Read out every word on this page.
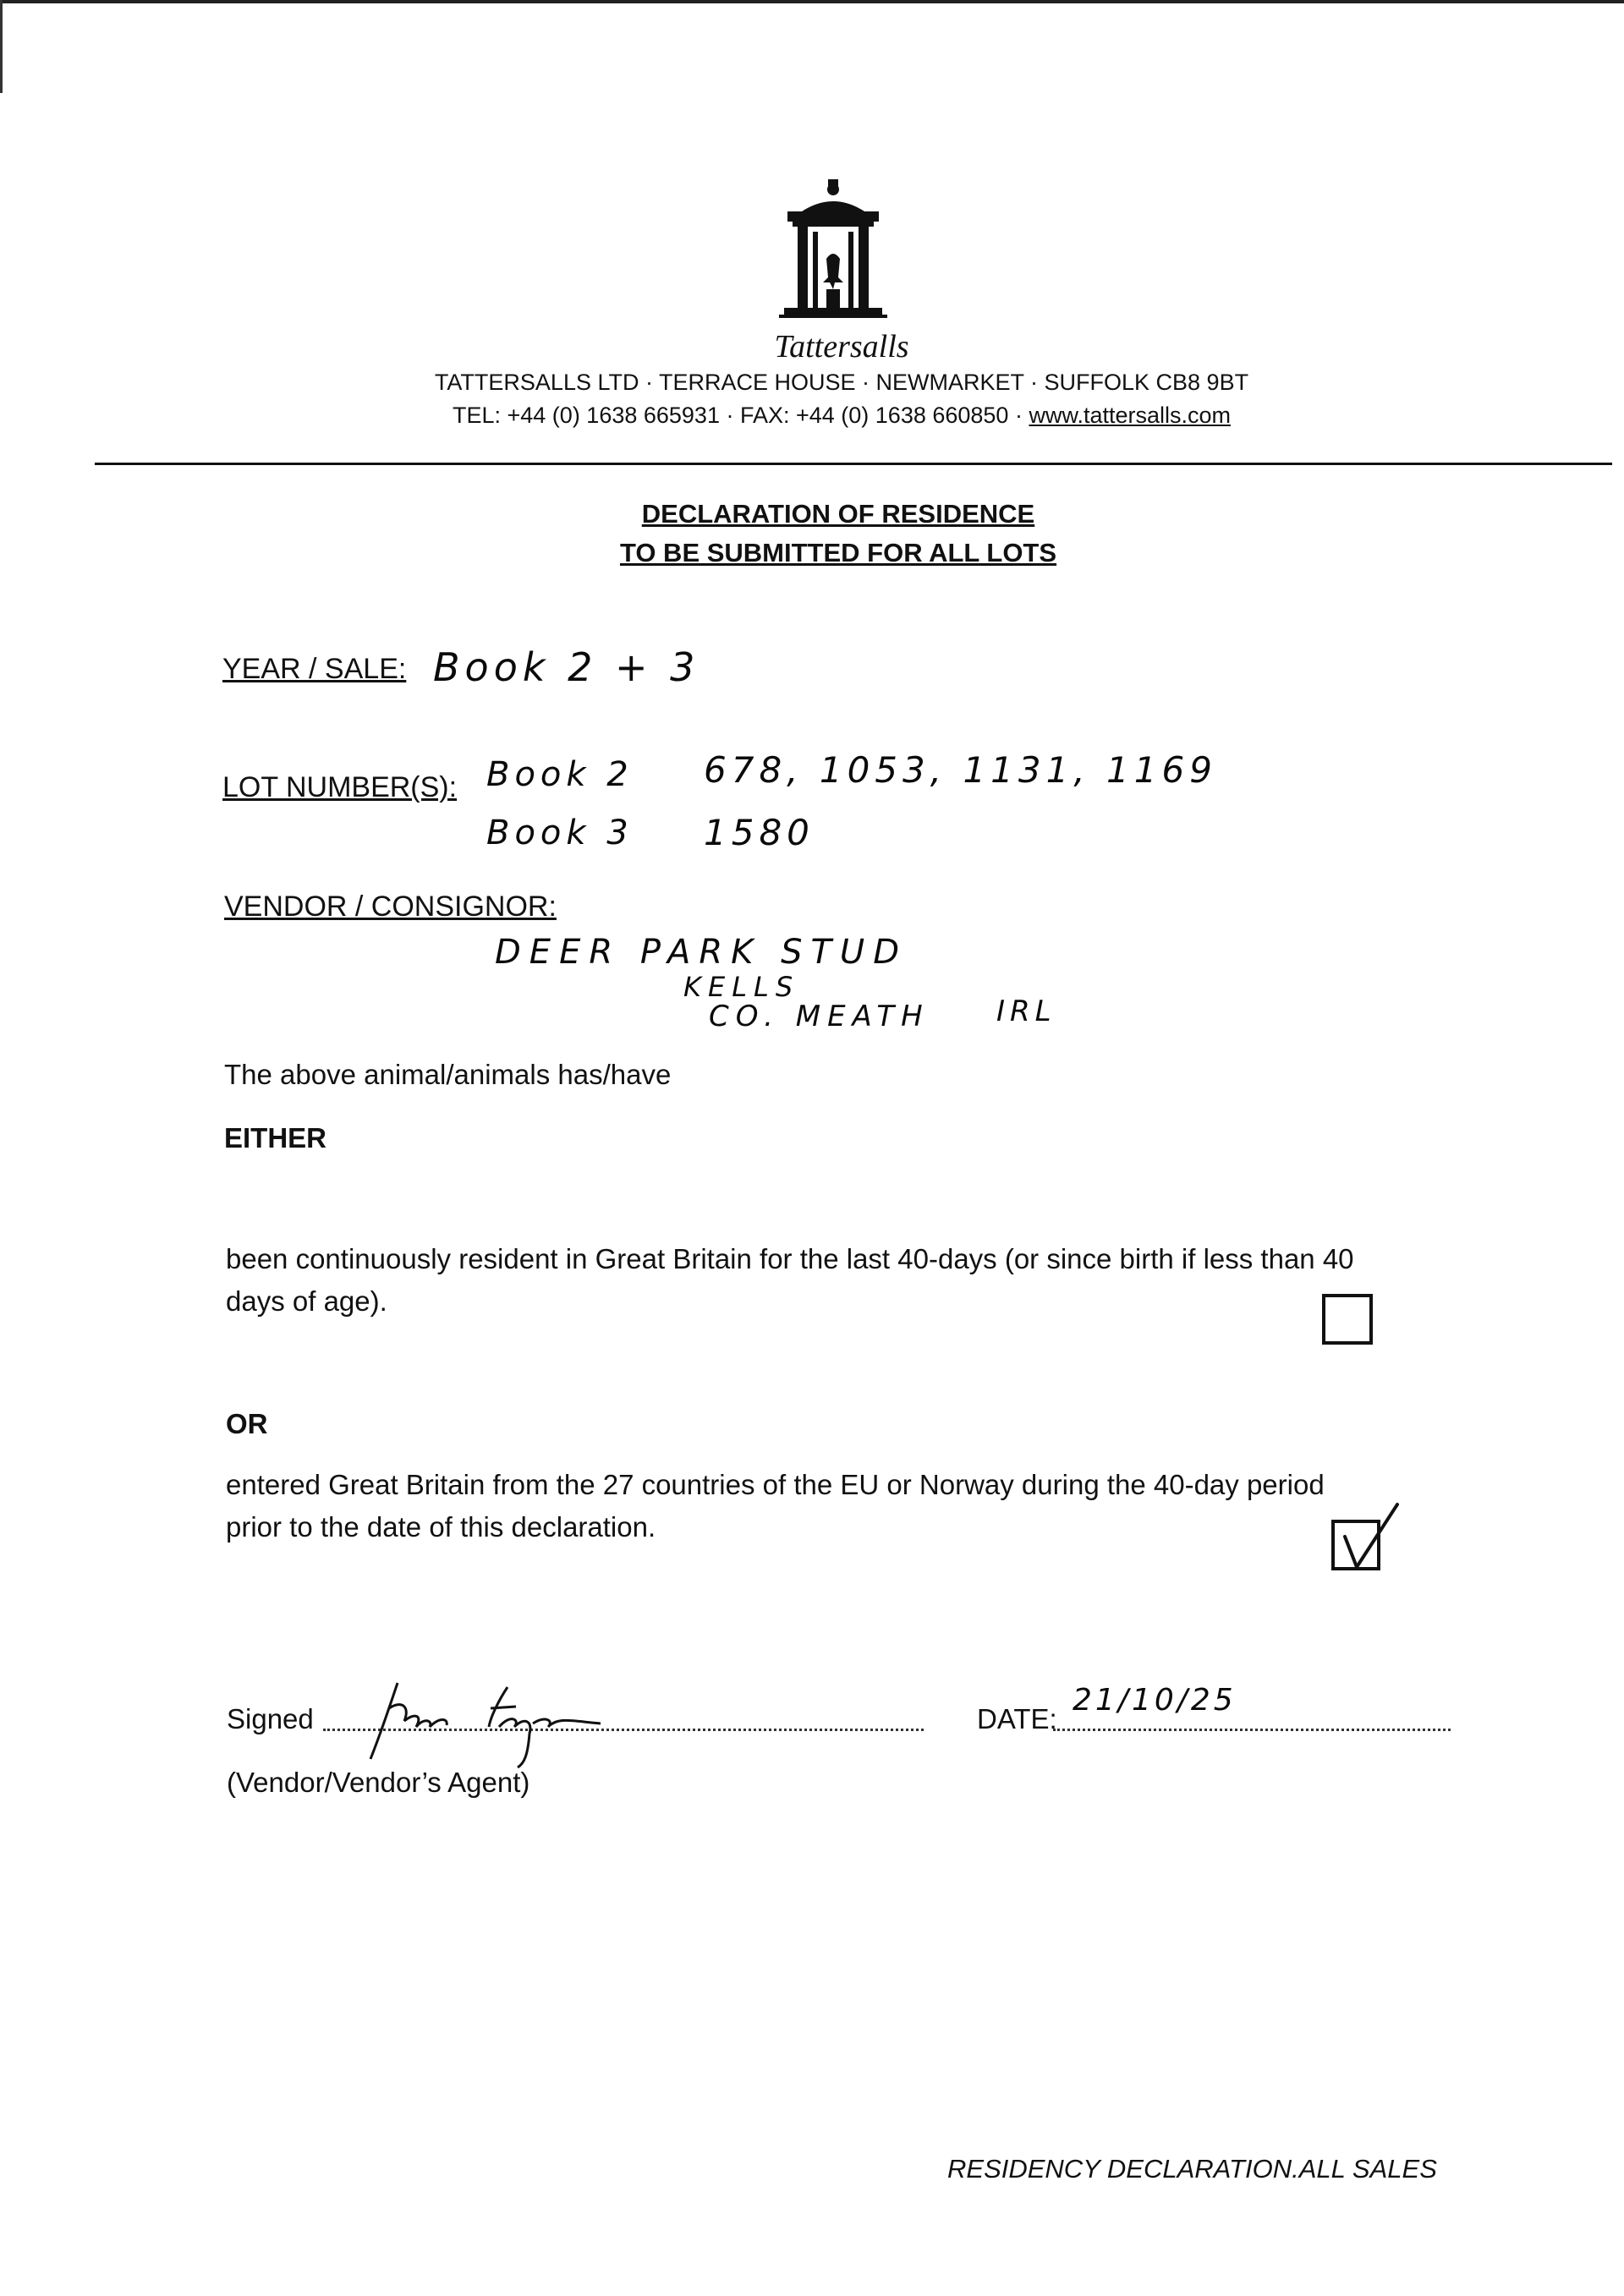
Tattersalls
TATTERSALLS LTD · TERRACE HOUSE · NEWMARKET · SUFFOLK CB8 9BT
TEL: +44 (0) 1638 665931 · FAX: +44 (0) 1638 660850 · www.tattersalls.com
DECLARATION OF RESIDENCE
TO BE SUBMITTED FOR ALL LOTS
YEAR / SALE: Book 2 + 3
LOT NUMBER(S): Book 2 678, 1053, 1131, 1169
Book 3 1580
VENDOR / CONSIGNOR:
DEER PARK STUD
KELLS
CO. MEATH IRL
The above animal/animals has/have
EITHER
been continuously resident in Great Britain for the last 40-days (or since birth if less than 40
days of age).
OR
entered Great Britain from the 27 countries of the EU or Norway during the 40-day period
prior to the date of this declaration.
Signed
(Vendor/Vendor’s Agent)
DATE:
21/10/25
RESIDENCY DECLARATION.ALL SALES
